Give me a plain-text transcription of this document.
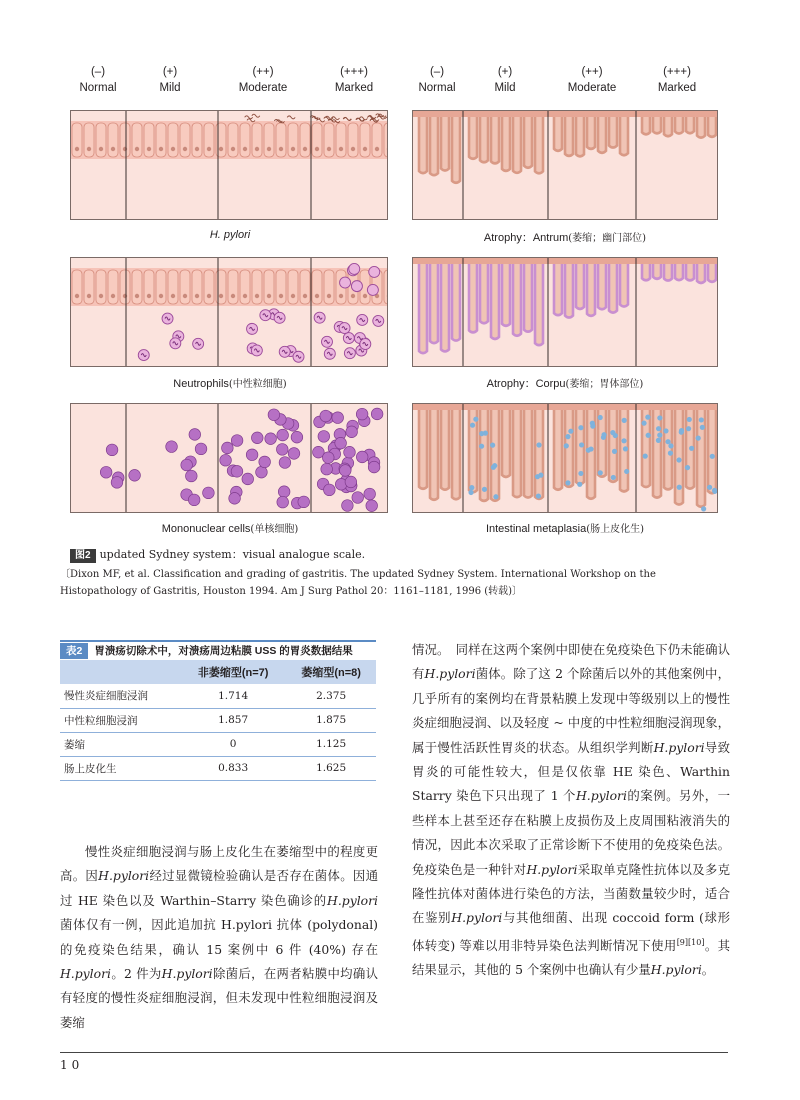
(–)
Normal
(+)
Mild
(++)
Moderate
(+++)
Marked
(–)
Normal
(+)
Mild
(++)
Moderate
(+++)
Marked
H. pylori	Atrophy：Antrum(萎缩；幽门部位)
Neutrophils(中性粒细胞)	Atrophy：Corpu(萎缩；胃体部位)
Mononuclear cells(单核细胞)	Intestinal metaplasia(肠上皮化生)
图2 updated Sydney system：visual analogue scale.
〔Dixon MF, et al. Classification and grading of gastritis. The updated Sydney System. International Workshop on the Histopathology of Gastritis, Houston 1994. Am J Surg Pathol 20：1161–1181, 1996 (转载)〕
表2 胃溃疡切除术中，对溃疡周边粘膜 USS 的胃炎数据结果
	非萎缩型(n=7)	萎缩型(n=8)
慢性炎症细胞浸润	1.714	2.375
中性粒细胞浸润	1.857	1.875
萎缩	0	1.125
肠上皮化生	0.833	1.625

慢性炎症细胞浸润与肠上皮化生在萎缩型中的程度更高。因H.pylori经过显微镜检验确认是否存在菌体。因通过 HE 染色以及 Warthin–Starry 染色确诊的H.pylori菌体仅有一例，因此追加抗 H.pylori 抗体 (polydonal) 的免疫染色结果，确认 15 案例中 6 件 (40%) 存在H.pylori。2 件为H.pylori除菌后，在两者粘膜中均确认有轻度的慢性炎症细胞浸润，但未发现中性粒细胞浸润及萎缩

情况。　同样在这两个案例中即使在免疫染色下仍未能确认有H.pylori菌体。除了这 2 个除菌后以外的其他案例中，几乎所有的案例均在背景粘膜上发现中等级别以上的慢性炎症细胞浸润、以及轻度 ~ 中度的中性粒细胞浸润现象，属于慢性活跃性胃炎的状态。从组织学判断H.pylori导致胃炎的可能性较大，但是仅依靠 HE 染色、Warthin Starry 染色下只出现了 1 个H.pylori的案例。另外，一些样本上甚至还存在粘膜上皮损伤及上皮周围粘液消失的情况，因此本次采取了正常诊断下不使用的免疫染色法。免疫染色是一种针对H.pylori采取单克隆性抗体以及多克隆性抗体对菌体进行染色的方法，当菌数量较少时，适合在鉴别H.pylori与其他细菌、出现 coccoid form (球形体转变) 等难以用非特异染色法判断情况下使用[9][10]。其结果显示，其他的 5 个案例中也确认有少量H.pylori。

10
